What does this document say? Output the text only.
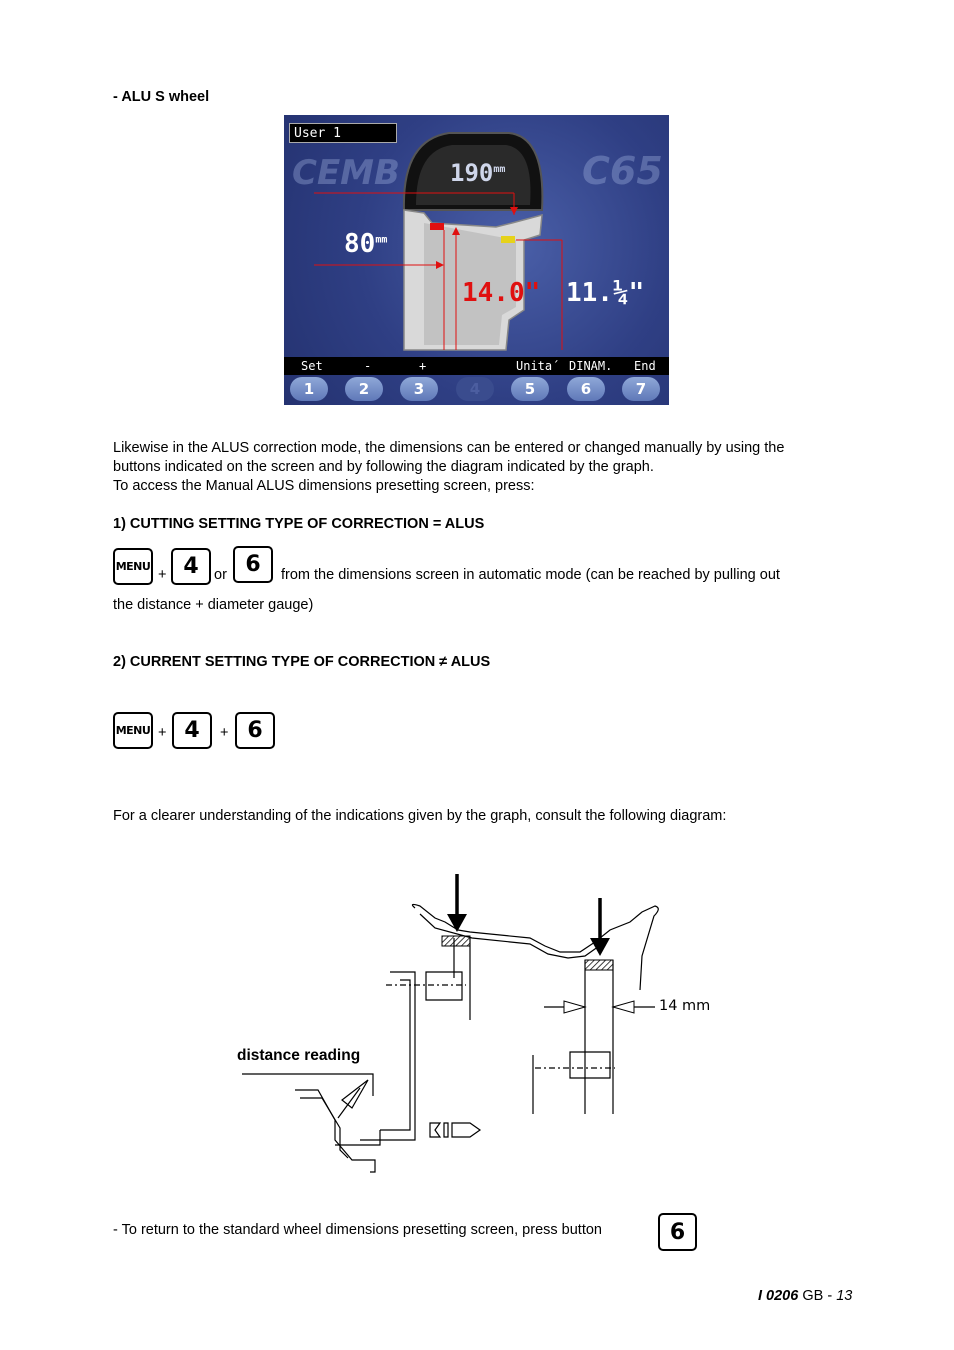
- ALU S wheel
CEMB	C65
User 1
$190^{mm}$
$80^{mm}$
14.0" 11.¼"
Set	-	+	Unita´ DINAM. End
1	2	3	4	5	6	7
Likewise in the ALUS correction mode, the dimensions can be entered or changed manually by using the
buttons indicated on the screen and by following the diagram indicated by the graph.
To access the Manual ALUS dimensions presetting screen, press:
1) CUTTING SETTING TYPE OF CORRECTION = ALUS
MENU
+ 4	or 6	from the dimensions screen in automatic mode (can be reached by pulling out
the distance + diameter gauge)
2) CURRENT SETTING TYPE OF CORRECTION ≠ ALUS
MENU + 4	+ 6
For a clearer understanding of the indications given by the graph, consult the following diagram:
14 mm
distance reading
- To return to the standard wheel dimensions presetting screen, press button	6
I 0206 GB - 13
